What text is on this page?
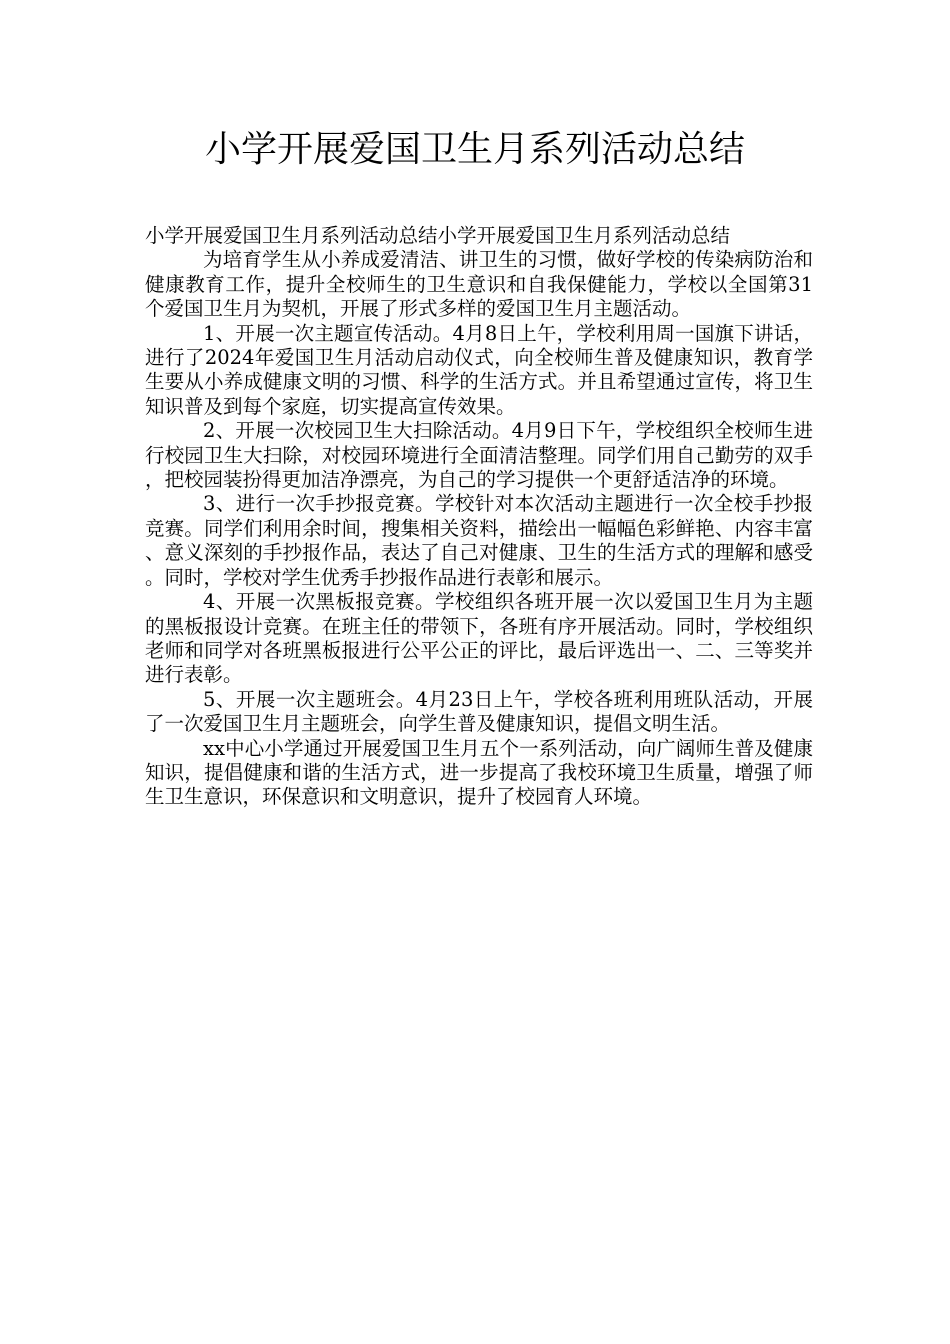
小学开展爱国卫生月系列活动总结

小学开展爱国卫生月系列活动总结小学开展爱国卫生月系列活动总结

为培育学生从小养成爱清洁、讲卫生的习惯，做好学校的传染病防治和健康教育工作，提升全校师生的卫生意识和自我保健能力，学校以全国第31个爱国卫生月为契机，开展了形式多样的爱国卫生月主题活动。

1、开展一次主题宣传活动。4月8日上午，学校利用周一国旗下讲话，进行了2024年爱国卫生月活动启动仪式，向全校师生普及健康知识，教育学生要从小养成健康文明的习惯、科学的生活方式。并且希望通过宣传，将卫生知识普及到每个家庭，切实提高宣传效果。

2、开展一次校园卫生大扫除活动。4月9日下午，学校组织全校师生进行校园卫生大扫除，对校园环境进行全面清洁整理。同学们用自己勤劳的双手，把校园装扮得更加洁净漂亮，为自己的学习提供一个更舒适洁净的环境。

3、进行一次手抄报竞赛。学校针对本次活动主题进行一次全校手抄报竞赛。同学们利用余时间，搜集相关资料，描绘出一幅幅色彩鲜艳、内容丰富、意义深刻的手抄报作品，表达了自己对健康、卫生的生活方式的理解和感受。同时，学校对学生优秀手抄报作品进行表彰和展示。

4、开展一次黑板报竞赛。学校组织各班开展一次以爱国卫生月为主题的黑板报设计竞赛。在班主任的带领下，各班有序开展活动。同时，学校组织老师和同学对各班黑板报进行公平公正的评比，最后评选出一、二、三等奖并进行表彰。

5、开展一次主题班会。4月23日上午，学校各班利用班队活动，开展了一次爱国卫生月主题班会，向学生普及健康知识，提倡文明生活。

xx中心小学通过开展爱国卫生月五个一系列活动，向广阔师生普及健康知识，提倡健康和谐的生活方式，进一步提高了我校环境卫生质量，增强了师生卫生意识，环保意识和文明意识，提升了校园育人环境。
